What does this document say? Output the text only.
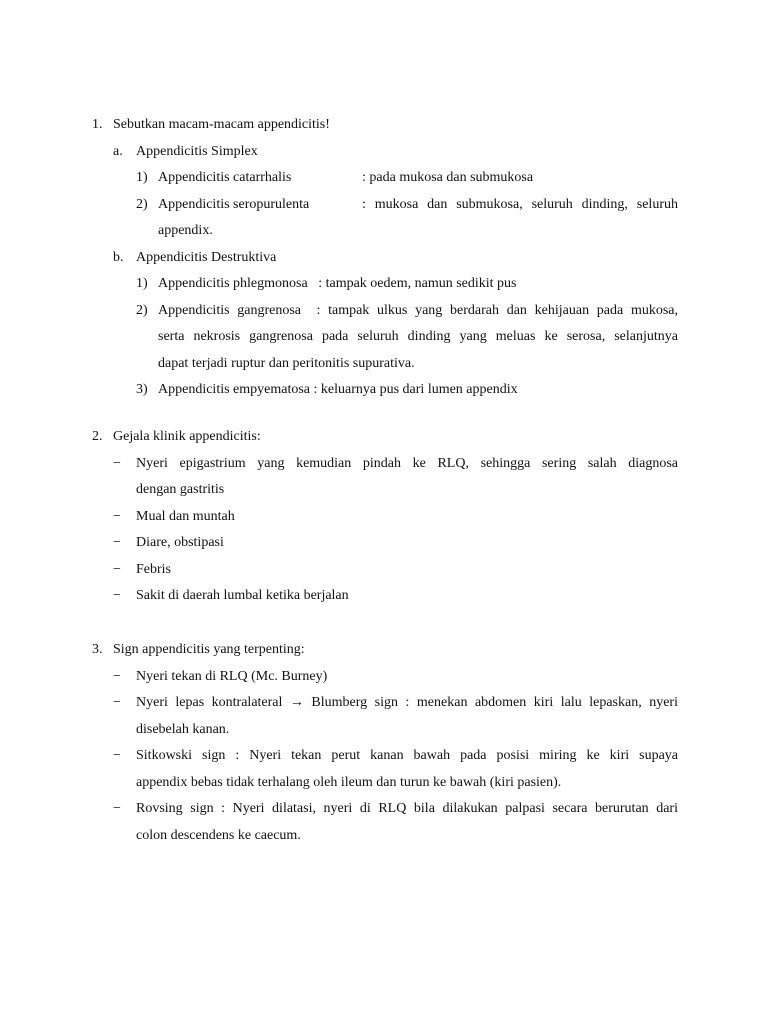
1. Sebutkan macam-macam appendicitis!
a. Appendicitis Simplex
1) Appendicitis catarrhalis	: pada mukosa dan submukosa
2) Appendicitis seropurulenta	: mukosa dan submukosa, seluruh dinding, seluruh
appendix.
b. Appendicitis Destruktiva
1) Appendicitis phlegmonosa   : tampak oedem, namun sedikit pus
2) Appendicitis gangrenosa  : tampak ulkus yang berdarah dan kehijauan pada mukosa,
serta nekrosis gangrenosa pada seluruh dinding yang meluas ke serosa, selanjutnya
dapat terjadi ruptur dan peritonitis supurativa.
3) Appendicitis empyematosa : keluarnya pus dari lumen appendix
2. Gejala klinik appendicitis:
− Nyeri epigastrium yang kemudian pindah ke RLQ, sehingga sering salah diagnosa
dengan gastritis
− Mual dan muntah
− Diare, obstipasi
− Febris
− Sakit di daerah lumbal ketika berjalan
3. Sign appendicitis yang terpenting:
− Nyeri tekan di RLQ (Mc. Burney)
− Nyeri lepas kontralateral → Blumberg sign : menekan abdomen kiri lalu lepaskan, nyeri
disebelah kanan.
− Sitkowski sign : Nyeri tekan perut kanan bawah pada posisi miring ke kiri supaya
appendix bebas tidak terhalang oleh ileum dan turun ke bawah (kiri pasien).
− Rovsing sign : Nyeri dilatasi, nyeri di RLQ bila dilakukan palpasi secara berurutan dari
colon descendens ke caecum.
